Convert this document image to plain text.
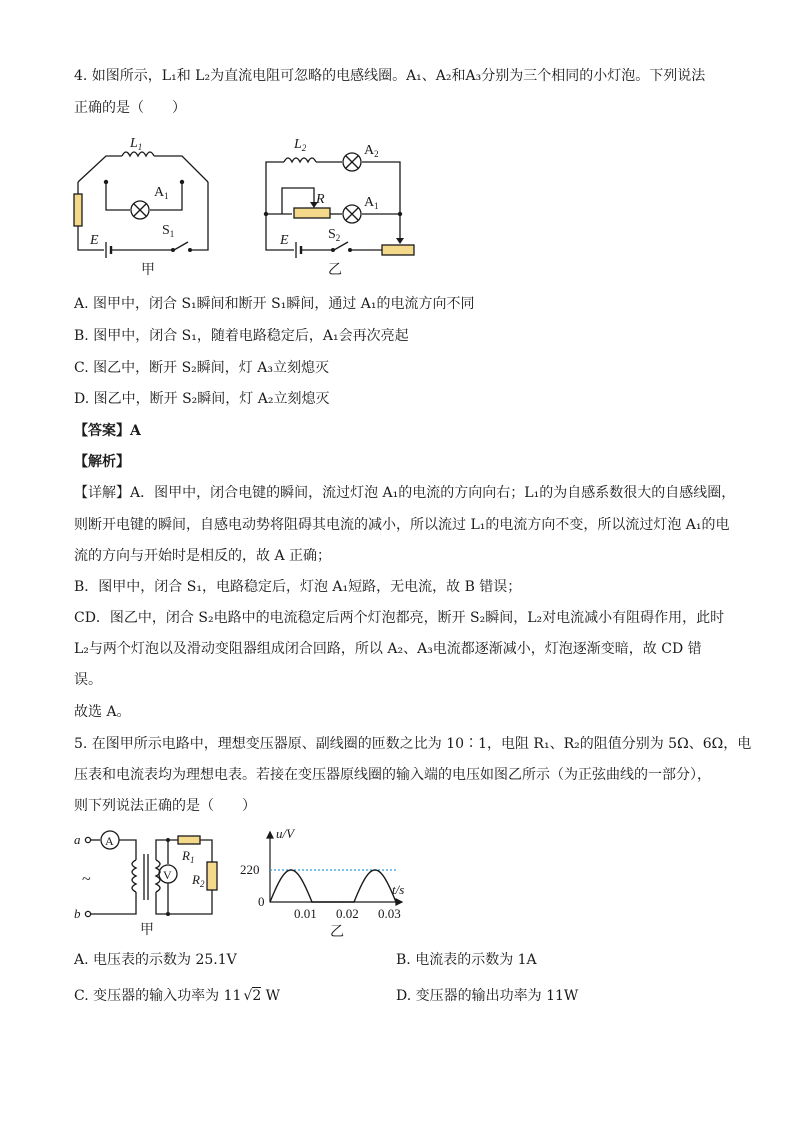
4. 如图所示，L₁和 L₂为直流电阻可忽略的电感线圈。A₁、A₂和A₃分别为三个相同的小灯泡。下列说法
正确的是（　　）
$L_1$
$A_1$
E
$S_1$
甲
$L_2$	$A_2$
R	$A_1$
E	$S_2$
乙
A. 图甲中，闭合 S₁瞬间和断开 S₁瞬间，通过 A₁的电流方向不同
B. 图甲中，闭合 S₁，随着电路稳定后，A₁会再次亮起
C. 图乙中，断开 S₂瞬间，灯 A₃立刻熄灭
D. 图乙中，断开 S₂瞬间，灯 A₂立刻熄灭
【答案】A
【解析】
【详解】A．图甲中，闭合电键的瞬间，流过灯泡 A₁的电流的方向向右；L₁的为自感系数很大的自感线圈，
则断开电键的瞬间，自感电动势将阻碍其电流的减小，所以流过 L₁的电流方向不变，所以流过灯泡 A₁的电
流的方向与开始时是相反的，故 A 正确；
B．图甲中，闭合 S₁，电路稳定后，灯泡 A₁短路，无电流，故 B 错误；
CD．图乙中，闭合 S₂电路中的电流稳定后两个灯泡都亮，断开 S₂瞬间，L₂对电流减小有阻碍作用，此时
L₂与两个灯泡以及滑动变阻器组成闭合回路，所以 A₂、A₃电流都逐渐减小，灯泡逐渐变暗，故 CD 错
误。
故选 A。
5. 在图甲所示电路中，理想变压器原、副线圈的匝数之比为 10∶1，电阻 R₁、R₂的阻值分别为 5Ω、6Ω，电
压表和电流表均为理想电表。若接在变压器原线圈的输入端的电压如图乙所示（为正弦曲线的一部分），
则下列说法正确的是（　　）
a
b
A
V
~
$R_1$
$R_2$
甲
u/V
t/s
220
0
0.01 0.02 0.03
乙
A. 电压表的示数为 25.1V	B. 电流表的示数为 1A
C. 变压器的输入功率为 11 √2 W	D. 变压器的输出功率为 11W
